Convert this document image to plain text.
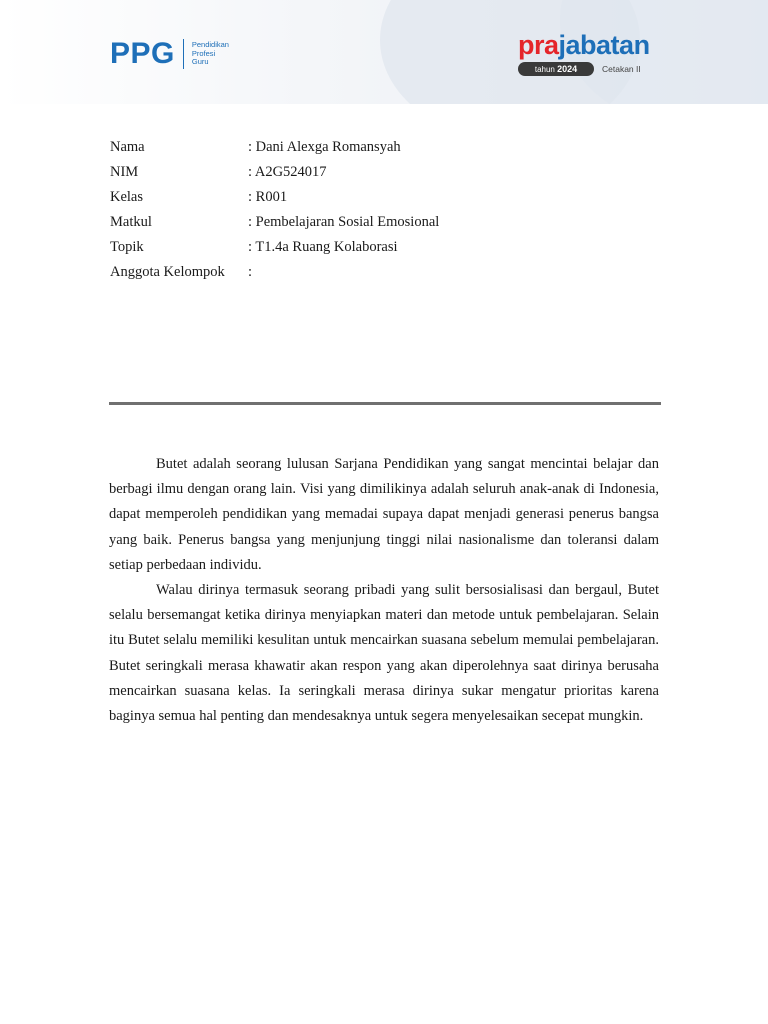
PPG Pendidikan
Profesi
Guru
prajabatan
tahun 2024	Cetakan II
Nama	: Dani Alexga Romansyah
NIM	: A2G524017
Kelas	: R001
Matkul	: Pembelajaran Sosial Emosional
Topik	: T1.4a Ruang Kolaborasi
Anggota Kelompok	:

Butet adalah seorang lulusan Sarjana Pendidikan yang sangat mencintai belajar dan berbagi ilmu dengan orang lain. Visi yang dimilikinya adalah seluruh anak-anak di Indonesia, dapat memperoleh pendidikan yang memadai supaya dapat menjadi generasi penerus bangsa yang baik. Penerus bangsa yang menjunjung tinggi nilai nasionalisme dan toleransi dalam setiap perbedaan individu.

Walau dirinya termasuk seorang pribadi yang sulit bersosialisasi dan bergaul, Butet selalu bersemangat ketika dirinya menyiapkan materi dan metode untuk pembelajaran. Selain itu Butet selalu memiliki kesulitan untuk mencairkan suasana sebelum memulai pembelajaran. Butet seringkali merasa khawatir akan respon yang akan diperolehnya saat dirinya berusaha mencairkan suasana kelas. Ia seringkali merasa dirinya sukar mengatur prioritas karena baginya semua hal penting dan mendesaknya untuk segera menyelesaikan secepat mungkin.
